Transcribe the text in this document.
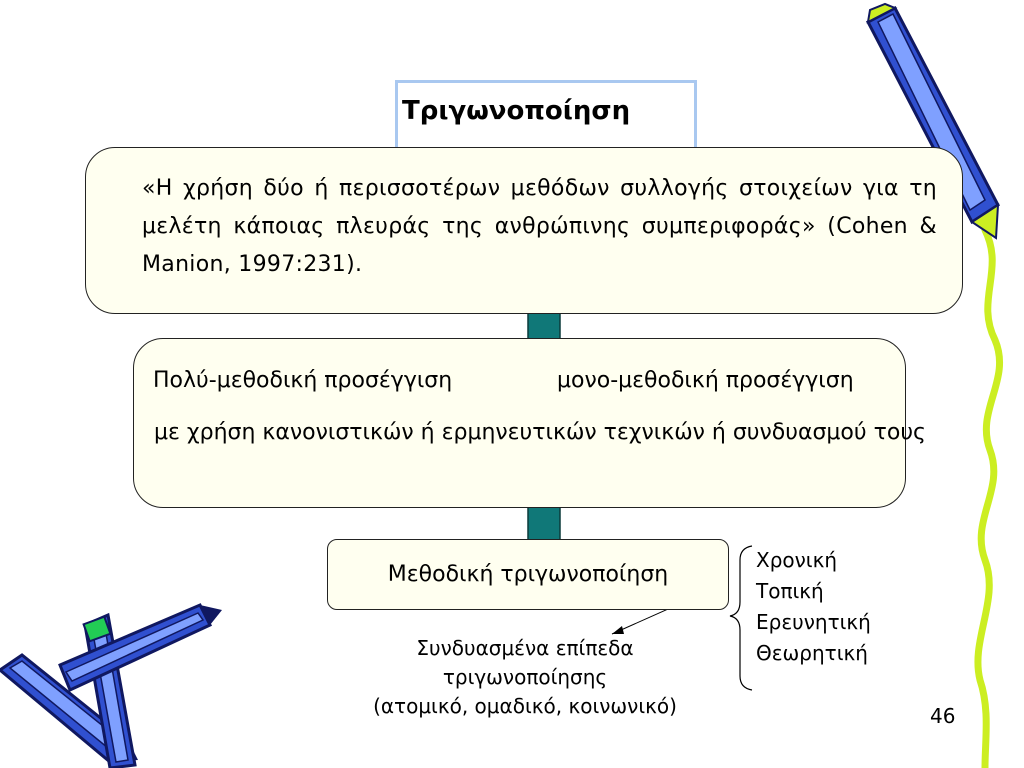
Τριγωνοποίηση
«Η χρήση δύο ή περισσοτέρων μεθόδων συλλογής στοιχείων για τη μελέτη κάποιας πλευράς της ανθρώπινης συμπεριφοράς» (Cohen & Manion, 1997:231).
Πολύ-μεθοδική προσέγγιση	μονο-μεθοδική προσέγγιση
με χρήση κανονιστικών ή ερμηνευτικών τεχνικών ή συνδυασμού τους
Μεθοδική τριγωνοποίηση
Συνδυασμένα επίπεδα
τριγωνοποίησης
(ατομικό, ομαδικό, κοινωνικό)
Χρονική
Τοπική
Ερευνητική
Θεωρητική
46
